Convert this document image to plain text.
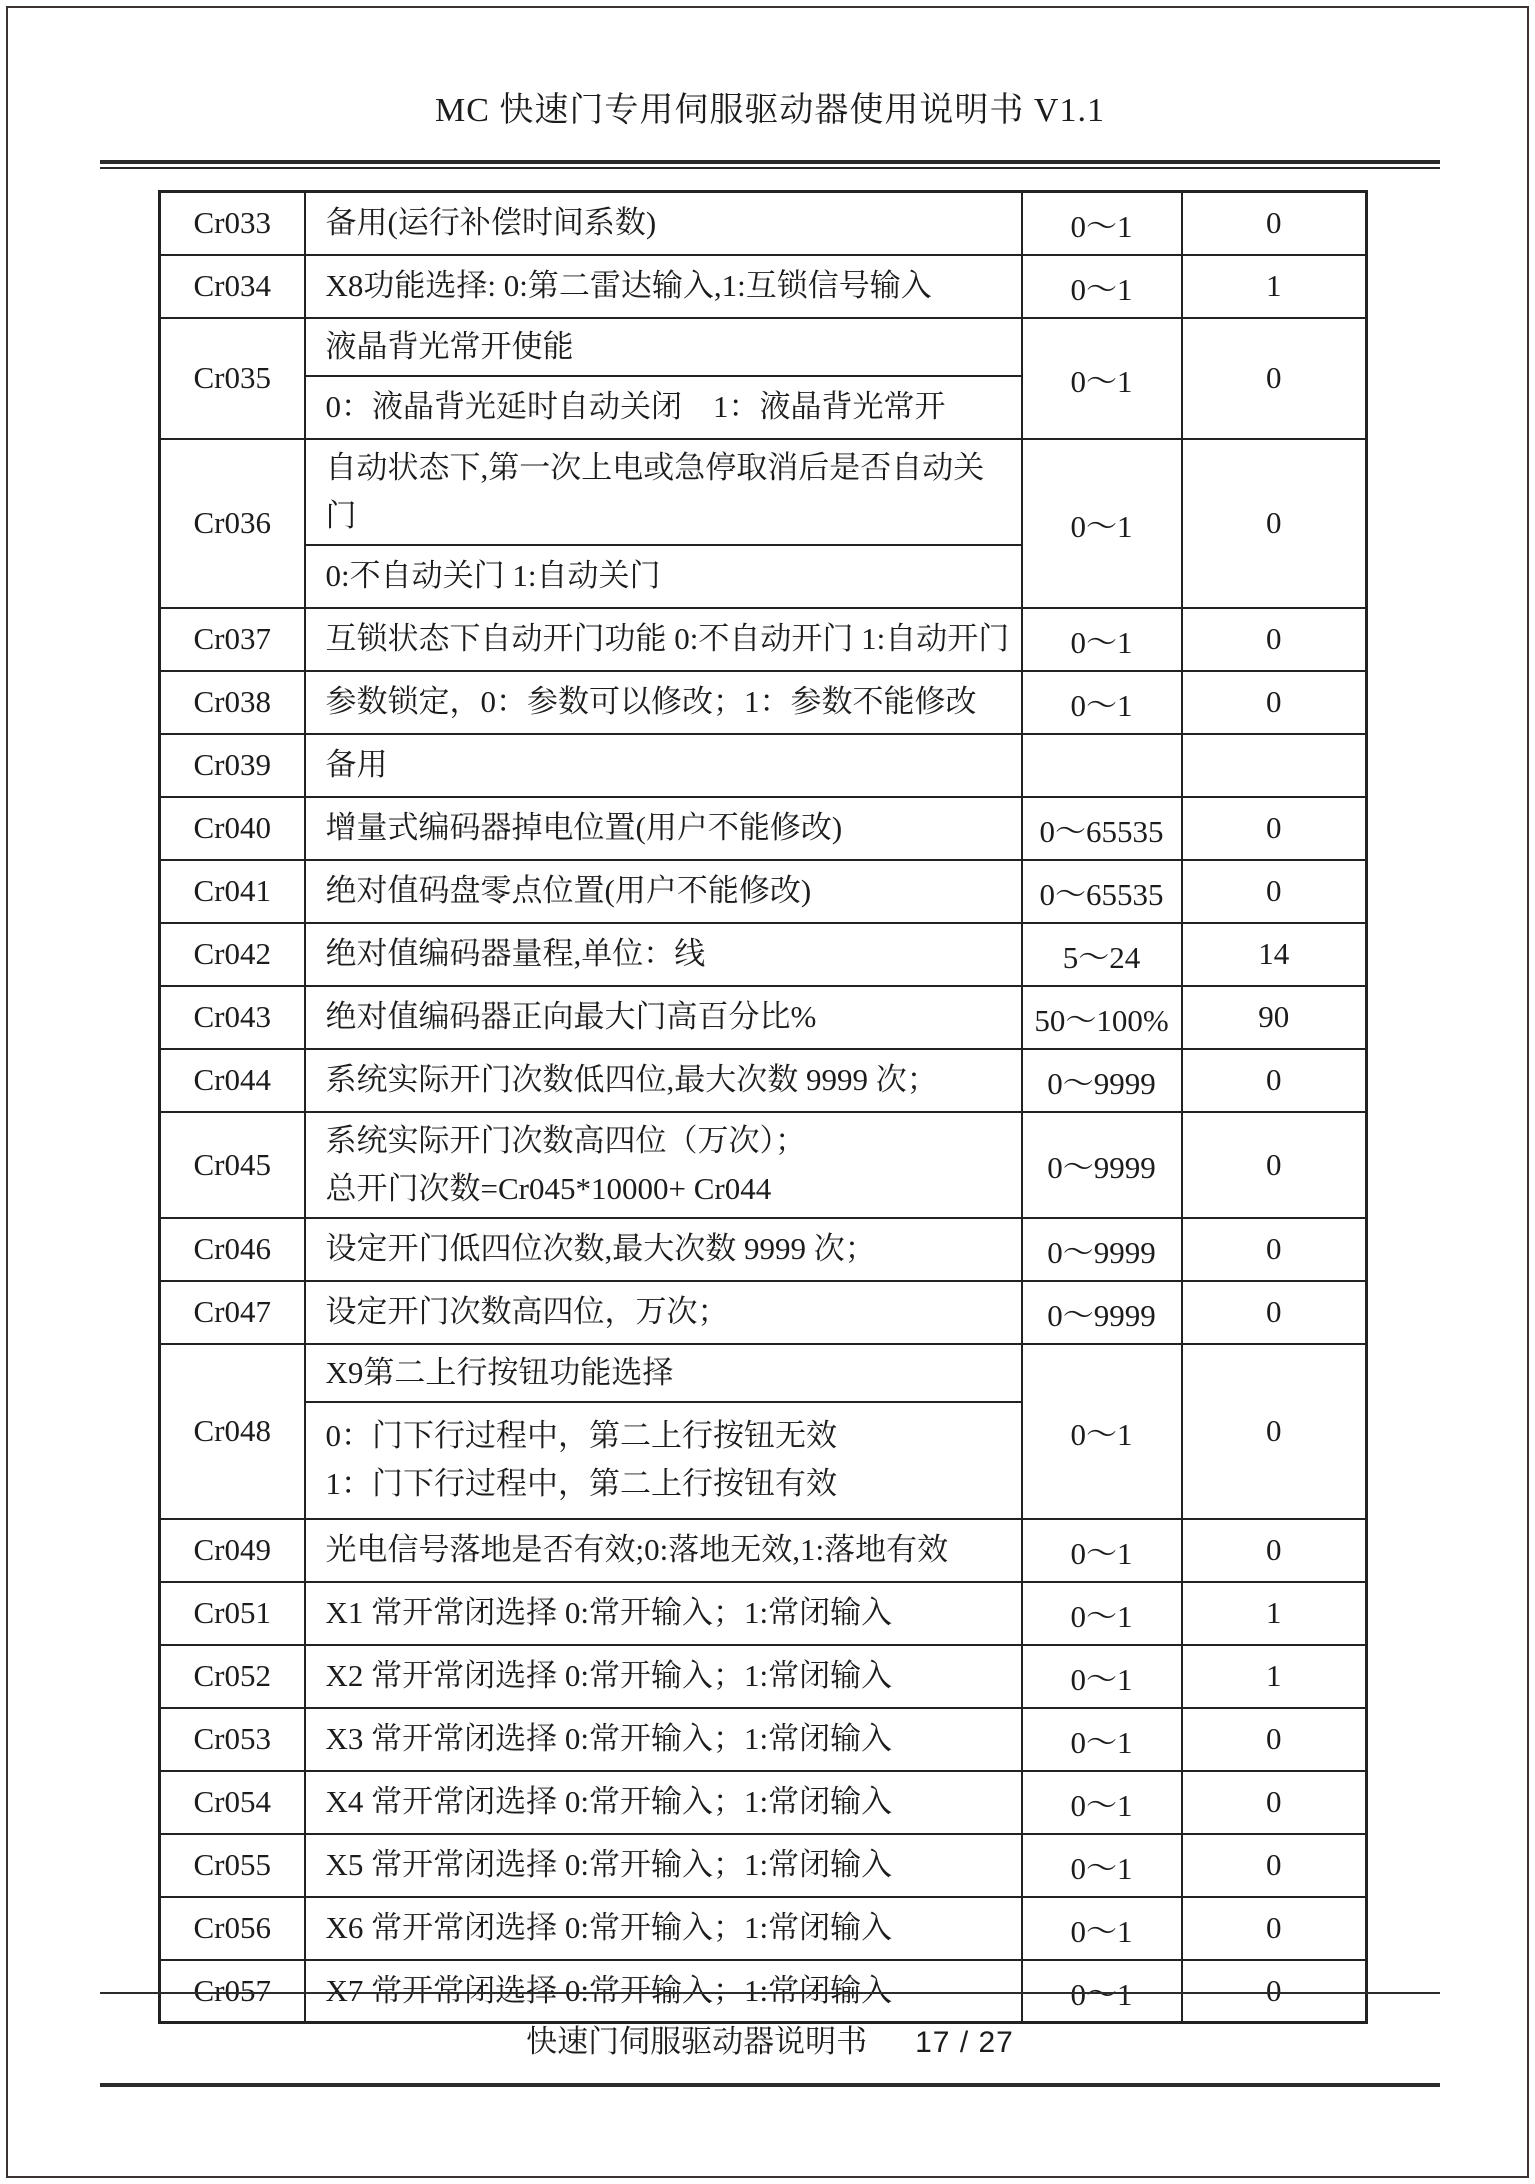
MC 快速门专用伺服驱动器使用说明书 V1.1
Cr033	备用(运行补偿时间系数)	0～1	0
Cr034	X8功能选择: 0:第二雷达输入,1:互锁信号输入	0～1	1
Cr035	液晶背光常开使能	0～1	0

	0：液晶背光延时自动关闭    1：液晶背光常开		

Cr036	自动状态下,第一次上电或急停取消后是否自动关门	0～1	0

	0:不自动关门 1:自动关门		

Cr037	互锁状态下自动开门功能 0:不自动开门 1:自动开门	0～1	0
Cr038	参数锁定，0：参数可以修改；1：参数不能修改	0～1	0
Cr039	备用		

Cr040	增量式编码器掉电位置(用户不能修改)	0～65535	0
Cr041	绝对值码盘零点位置(用户不能修改)	0～65535	0
Cr042	绝对值编码器量程,单位：线	5～24	14
Cr043	绝对值编码器正向最大门高百分比%	50～100%	90
Cr044	系统实际开门次数低四位,最大次数 9999 次；	0～9999	0
Cr045	系统实际开门次数高四位（万次）；
总开门次数=Cr045*10000+ Cr044	0～9999	0
Cr046	设定开门低四位次数,最大次数 9999 次；	0～9999	0
Cr047	设定开门次数高四位，万次；	0～9999	0
Cr048	X9第二上行按钮功能选择	0～1	0

	0：门下行过程中，第二上行按钮无效
1：门下行过程中，第二上行按钮有效		

Cr049	光电信号落地是否有效;0:落地无效,1:落地有效	0～1	0
Cr051	X1 常开常闭选择 0:常开输入；1:常闭输入	0～1	1
Cr052	X2 常开常闭选择 0:常开输入；1:常闭输入	0～1	1
Cr053	X3 常开常闭选择 0:常开输入；1:常闭输入	0～1	0
Cr054	X4 常开常闭选择 0:常开输入；1:常闭输入	0～1	0
Cr055	X5 常开常闭选择 0:常开输入；1:常闭输入	0～1	0
Cr056	X6 常开常闭选择 0:常开输入；1:常闭输入	0～1	0
Cr057	X7 常开常闭选择 0:常开输入；1:常闭输入	0～1	0
快速门伺服驱动器说明书 17 / 27
